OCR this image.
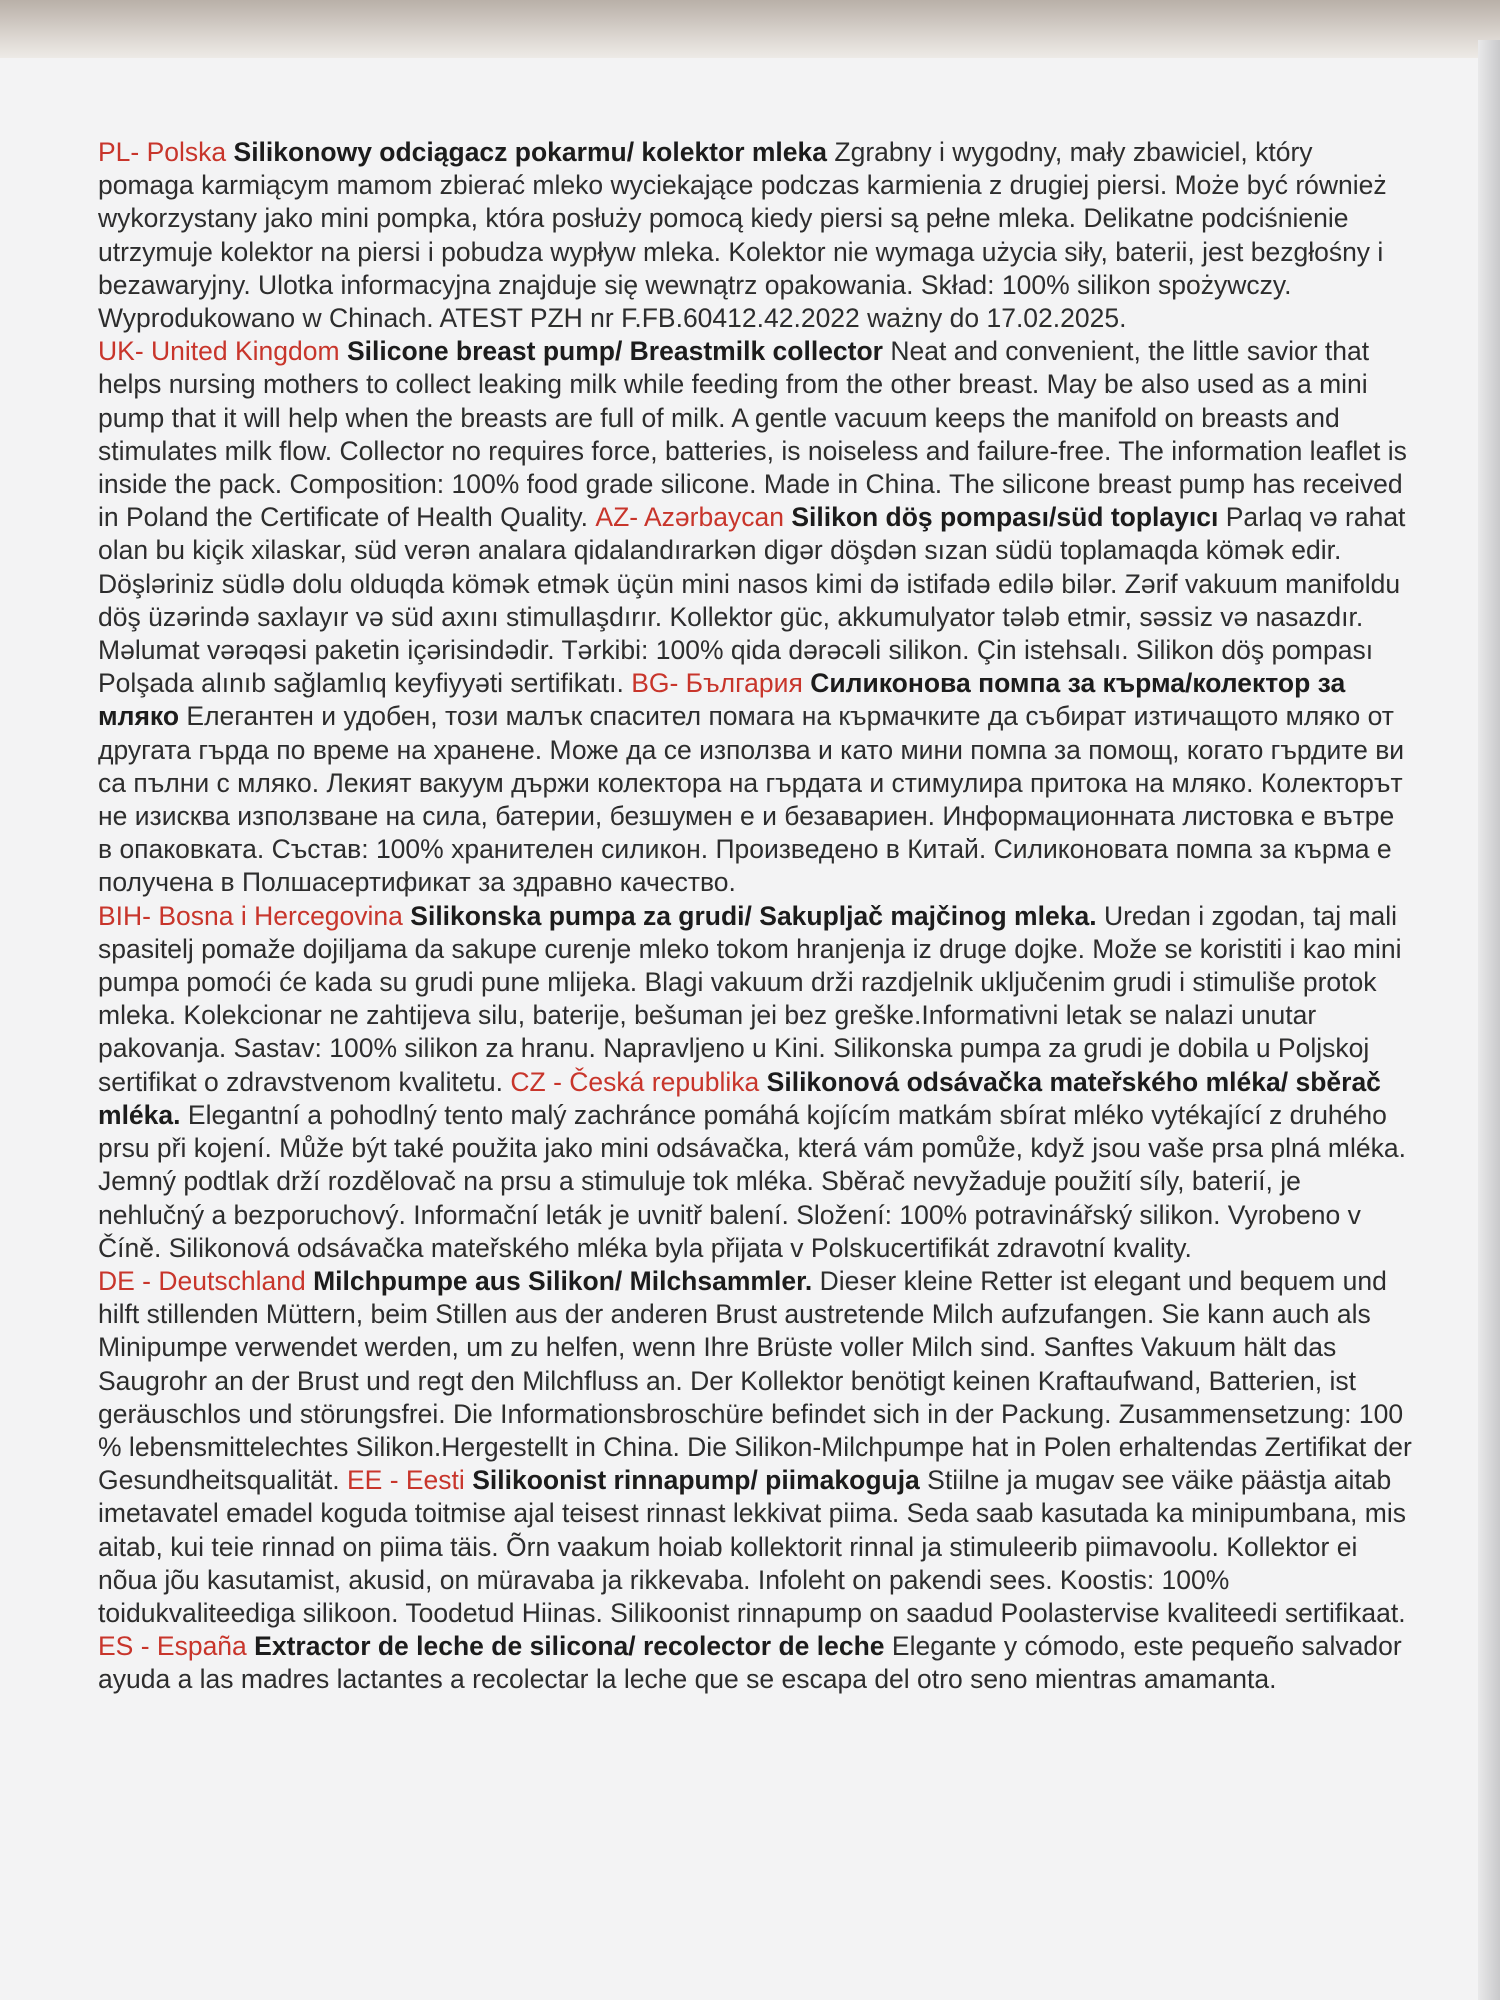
PL- Polska Silikonowy odciągacz pokarmu/ kolektor mleka Zgrabny i wygodny, mały zbawiciel, który pomaga karmiącym mamom zbierać mleko wyciekające podczas karmienia z drugiej piersi. Może być również wykorzystany jako mini pompka, która posłuży pomocą kiedy piersi są pełne mleka. Delikatne podciśnienie utrzymuje kolektor na piersi i pobudza wypływ mleka. Kolektor nie wymaga użycia siły, baterii, jest bezgłośny i bezawaryjny. Ulotka informacyjna znajduje się wewnątrz opakowania. Skład: 100% silikon spożywczy. Wyprodukowano w Chinach. ATEST PZH nr F.FB.60412.42.2022 ważny do 17.02.2025.

UK- United Kingdom Silicone breast pump/ Breastmilk collector Neat and convenient, the little savior that helps nursing mothers to collect leaking milk while feeding from the other breast. May be also used as a mini pump that it will help when the breasts are full of milk. A gentle vacuum keeps the manifold on breasts and stimulates milk flow. Collector no requires force, batteries, is noiseless and failure-free. The information leaflet is inside the pack. Composition: 100% food grade silicone. Made in China. The silicone breast pump has received in Poland the Certificate of Health Quality.

AZ- Azərbaycan Silikon döş pompası/süd toplayıcı Parlaq və rahat olan bu kiçik xilaskar, süd verən analara qidalandırarkən digər döşdən sızan südü toplamaqda kömək edir. Döşləriniz südlə dolu olduqda kömək etmək üçün mini nasos kimi də istifadə edilə bilər. Zərif vakuum manifoldu döş üzərində saxlayır və süd axını stimullaşdırır. Kollektor güc, akkumulyator tələb etmir, səssiz və nasazdır. Məlumat vərəqəsi paketin içərisindədir. Tərkibi: 100% qida dərəcəli silikon. Çin istehsalı. Silikon döş pompası Polşada alınıb sağlamlıq keyfiyyəti sertifikatı.

BG- България Силиконова помпа за кърма/колектор за мляко Елегантен и удобен, този малък спасител помага на кърмачките да събират изтичащото мляко от другата гърда по време на хранене. Може да се използва и като мини помпа за помощ, когато гърдите ви са пълни с мляко. Лекият вакуум държи колектора на гърдата и стимулира притока на мляко. Колекторът не изисква използване на сила, батерии, безшумен е и безавариен. Информационната листовка е вътре в опаковката. Състав: 100% хранителен силикон. Произведено в Китай. Силиконовата помпа за кърма е получена в Полшасертификат за здравно качество.

BIH- Bosna i Hercegovina Silikonska pumpa za grudi/ Sakupljač majčinog mleka. Uredan i zgodan, taj mali spasitelj pomaže dojiljama da sakupe curenje mleko tokom hranjenja iz druge dojke. Može se koristiti i kao mini pumpa pomoći će kada su grudi pune mlijeka. Blagi vakuum drži razdjelnik uključenim grudi i stimuliše protok mleka. Kolekcionar ne zahtijeva silu, baterije, bešuman jei bez greške.Informativni letak se nalazi unutar pakovanja. Sastav: 100% silikon za hranu. Napravljeno u Kini. Silikonska pumpa za grudi je dobila u Poljskoj sertifikat o zdravstvenom kvalitetu.

CZ - Česká republika Silikonová odsávačka mateřského mléka/ sběrač mléka. Elegantní a pohodlný tento malý zachránce pomáhá kojícím matkám sbírat mléko vytékající z druhého prsu při kojení. Může být také použita jako mini odsávačka, která vám pomůže, když jsou vaše prsa plná mléka. Jemný podtlak drží rozdělovač na prsu a stimuluje tok mléka. Sběrač nevyžaduje použití síly, baterií, je nehlučný a bezporuchový. Informační leták je uvnitř balení. Složení: 100% potravinářský silikon. Vyrobeno v Číně. Silikonová odsávačka mateřského mléka byla přijata v Polskucertifikát zdravotní kvality.

DE - Deutschland Milchpumpe aus Silikon/ Milchsammler. Dieser kleine Retter ist elegant und bequem und hilft stillenden Müttern, beim Stillen aus der anderen Brust austretende Milch aufzufangen. Sie kann auch als Minipumpe verwendet werden, um zu helfen, wenn Ihre Brüste voller Milch sind. Sanftes Vakuum hält das Saugrohr an der Brust und regt den Milchfluss an. Der Kollektor benötigt keinen Kraftaufwand, Batterien, ist geräuschlos und störungsfrei. Die Informationsbroschüre befindet sich in der Packung. Zusammensetzung: 100 % lebensmittelechtes Silikon.Hergestellt in China. Die Silikon-Milchpumpe hat in Polen erhaltendas Zertifikat der Gesundheitsqualität.

EE - Eesti Silikoonist rinnapump/ piimakoguja Stiilne ja mugav see väike päästja aitab imetavatel emadel koguda toitmise ajal teisest rinnast lekkivat piima. Seda saab kasutada ka minipumbana, mis aitab, kui teie rinnad on piima täis. Õrn vaakum hoiab kollektorit rinnal ja stimuleerib piimavoolu. Kollektor ei nõua jõu kasutamist, akusid, on müravaba ja rikkevaba. Infoleht on pakendi sees. Koostis: 100% toidukvaliteediga silikoon. Toodetud Hiinas. Silikoonist rinnapump on saadud Poolastervise kvaliteedi sertifikaat.

ES - España Extractor de leche de silicona/ recolector de leche Elegante y cómodo, este pequeño salvador ayuda a las madres lactantes a recolectar la leche que se escapa del otro seno mientras amamanta.
